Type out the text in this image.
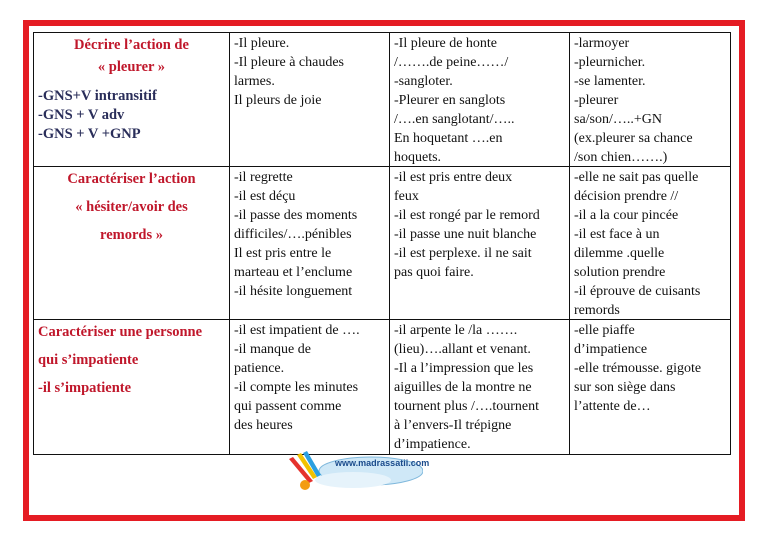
Décrire l’action de
« pleurer »
-GNS+V intransitif
-GNS + V adv
-GNS + V +GNP
-Il pleure.
-Il pleure à chaudes
larmes.
Il pleurs de joie
-Il pleure de honte
/…….de peine……/
-sangloter.
-Pleurer en sanglots
/….en sanglotant/…..
En hoquetant ….en
hoquets.
-larmoyer
-pleurnicher.
-se lamenter.
-pleurer
sa/son/…..+GN
(ex.pleurer sa chance
/son chien…….)
Caractériser l’action
« hésiter/avoir des
remords »
-il regrette
-il est déçu
-il passe des moments
difficiles/….pénibles
Il est pris entre le
marteau et l’enclume
-il hésite longuement
-il est pris entre deux
feux
-il est rongé par le remord
-il passe une nuit blanche
-il est perplexe. il ne sait
pas quoi faire.
-elle ne sait pas quelle
décision prendre //
-il a la cour pincée
-il est face à un
dilemme .quelle
solution prendre
-il éprouve de cuisants
remords
Caractériser une personne
qui s’impatiente
-il s’impatiente
-il est impatient de ….
-il manque de
patience.
-il compte les minutes
qui passent comme
des heures
-il arpente le /la …….
(lieu)….allant et venant.
-Il a l’impression que les
aiguilles de la montre ne
tournent plus /….tournent
à l’envers-Il trépigne
d’impatience.
-elle piaffe
d’impatience
-elle trémousse. gigote
sur son siège dans
l’attente de…
www.madrassatii.com
